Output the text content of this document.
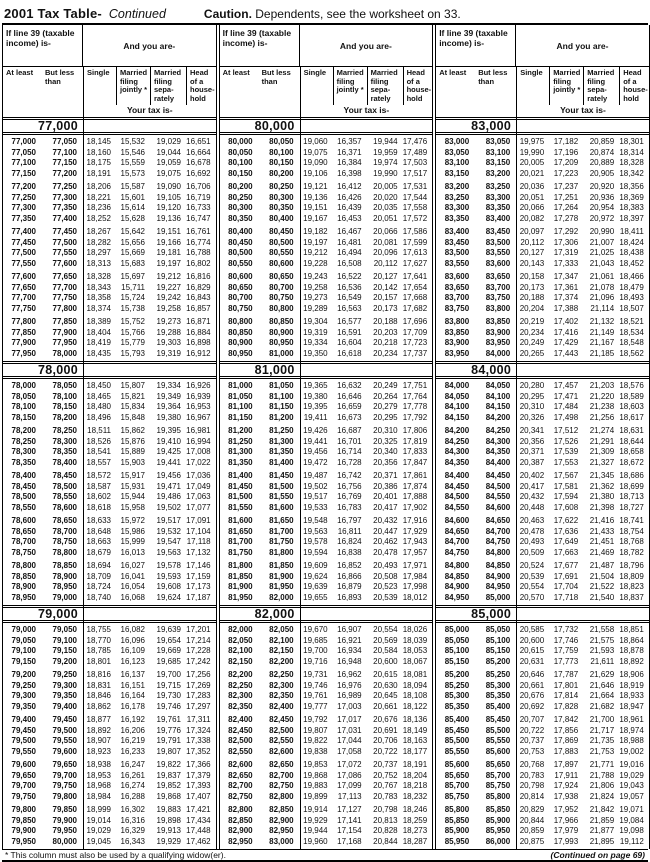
2001 Tax Table- Continued	Caution. Dependents, see the worksheet on 33.
If line 39 (taxable income) is-	And you are-
At least	But less than
Single	Married filing jointly *
Married filing sepa- rately
Head of a house- hold
Your tax is-
77,000
77,000	77,050	18,145	15,532	19,029 16,651
77,050	77,100	18,160	15,546	19,044 16,664
77,100	77,150	18,175	15,559	19,059 16,678
77,150	77,200	18,191	15,573	19,075 16,692
77,200	77,250	18,206	15,587	19,090 16,706
77,250	77,300	18,221	15,601	19,105 16,719
77,300	77,350	18,236	15,614	19,120 16,733
77,350	77,400	18,252	15,628	19,136 16,747
77,400	77,450	18,267	15,642	19,151 16,761
77,450	77,500	18,282	15,656	19,166 16,774
77,500	77,550	18,297	15,669	19,181 16,788
77,550	77,600	18,313	15,683	19,197 16,802
77,600	77,650	18,328	15,697	19,212 16,816
77,650	77,700	18,343	15,711	19,227 16,829
77,700	77,750	18,358	15,724	19,242 16,843
77,750	77,800	18,374	15,738	19,258 16,857
77,800	77,850	18,389	15,752	19,273 16,871
77,850	77,900	18,404	15,766	19,288 16,884
77,900	77,950	18,419	15,779	19,303 16,898
77,950	78,000	18,435	15,793	19,319 16,912
78,000
78,000	78,050	18,450	15,807	19,334 16,926
78,050	78,100	18,465	15,821	19,349 16,939
78,100	78,150	18,480	15,834	19,364 16,953
78,150	78,200	18,496	15,848	19,380 16,967
78,200	78,250	18,511	15,862	19,395 16,981
78,250	78,300	18,526	15,876	19,410 16,994
78,300	78,350	18,541	15,889	19,425 17,008
78,350	78,400	18,557	15,903	19,441 17,022
78,400	78,450	18,572	15,917	19,456 17,036
78,450	78,500	18,587	15,931	19,471 17,049
78,500	78,550	18,602	15,944	19,486 17,063
78,550	78,600	18,618	15,958	19,502 17,077
78,600	78,650	18,633	15,972	19,517 17,091
78,650	78,700	18,648	15,986	19,532 17,104
78,700	78,750	18,663	15,999	19,547 17,118
78,750	78,800	18,679	16,013	19,563 17,132
78,800	78,850	18,694	16,027	19,578 17,146
78,850	78,900	18,709	16,041	19,593 17,159
78,900	78,950	18,724	16,054	19,608 17,173
78,950	79,000	18,740	16,068	19,624 17,187
79,000
79,000	79,050	18,755	16,082	19,639 17,201
79,050	79,100	18,770	16,096	19,654 17,214
79,100	79,150	18,785	16,109	19,669 17,228
79,150	79,200	18,801	16,123	19,685 17,242
79,200	79,250	18,816	16,137	19,700 17,256
79,250	79,300	18,831	16,151	19,715 17,269
79,300	79,350	18,846	16,164	19,730 17,283
79,350	79,400	18,862	16,178	19,746 17,297
79,400	79,450	18,877	16,192	19,761 17,311
79,450	79,500	18,892	16,206	19,776 17,324
79,500	79,550	18,907	16,219	19,791 17,338
79,550	79,600	18,923	16,233	19,807 17,352
79,600	79,650	18,938	16,247	19,822 17,366
79,650	79,700	18,953	16,261	19,837 17,379
79,700	79,750	18,968	16,274	19,852 17,393
79,750	79,800	18,984	16,288	19,868 17,407
79,800	79,850	18,999	16,302	19,883 17,421
79,850	79,900	19,014	16,316	19,898 17,434
79,900	79,950	19,029	16,329	19,913 17,448
79,950	80,000	19,045	16,343	19,929 17,462
If line 39 (taxable income) is-	And you are-
At least	But less than
Single	Married filing jointly *
Married filing sepa- rately
Head of a house- hold
Your tax is-
80,000
80,000	80,050	19,060	16,357	19,944 17,476
80,050	80,100	19,075	16,371	19,959 17,489
80,100	80,150	19,090	16,384	19,974 17,503
80,150	80,200	19,106	16,398	19,990 17,517
80,200	80,250	19,121	16,412	20,005 17,531
80,250	80,300	19,136	16,426	20,020 17,544
80,300	80,350	19,151	16,439	20,035 17,558
80,350	80,400	19,167	16,453	20,051 17,572
80,400	80,450	19,182	16,467	20,066 17,586
80,450	80,500	19,197	16,481	20,081 17,599
80,500	80,550	19,212	16,494	20,096 17,613
80,550	80,600	19,228	16,508	20,112 17,627
80,600	80,650	19,243	16,522	20,127 17,641
80,650	80,700	19,258	16,536	20,142 17,654
80,700	80,750	19,273	16,549	20,157 17,668
80,750	80,800	19,289	16,563	20,173 17,682
80,800	80,850	19,304	16,577	20,188 17,696
80,850	80,900	19,319	16,591	20,203 17,709
80,900	80,950	19,334	16,604	20,218 17,723
80,950	81,000	19,350	16,618	20,234 17,737
81,000
81,000	81,050	19,365	16,632	20,249 17,751
81,050	81,100	19,380	16,646	20,264 17,764
81,100	81,150	19,395	16,659	20,279 17,778
81,150	81,200	19,411	16,673	20,295 17,792
81,200	81,250	19,426	16,687	20,310 17,806
81,250	81,300	19,441	16,701	20,325 17,819
81,300	81,350	19,456	16,714	20,340 17,833
81,350	81,400	19,472	16,728	20,356 17,847
81,400	81,450	19,487	16,742	20,371 17,861
81,450	81,500	19,502	16,756	20,386 17,874
81,500	81,550	19,517	16,769	20,401 17,888
81,550	81,600	19,533	16,783	20,417 17,902
81,600	81,650	19,548	16,797	20,432 17,916
81,650	81,700	19,563	16,811	20,447 17,929
81,700	81,750	19,578	16,824	20,462 17,943
81,750	81,800	19,594	16,838	20,478 17,957
81,800	81,850	19,609	16,852	20,493 17,971
81,850	81,900	19,624	16,866	20,508 17,984
81,900	81,950	19,639	16,879	20,523 17,998
81,950	82,000	19,655	16,893	20,539 18,012
82,000
82,000	82,050	19,670	16,907	20,554 18,026
82,050	82,100	19,685	16,921	20,569 18,039
82,100	82,150	19,700	16,934	20,584 18,053
82,150	82,200	19,716	16,948	20,600 18,067
82,200	82,250	19,731	16,962	20,615 18,081
82,250	82,300	19,746	16,976	20,630 18,094
82,300	82,350	19,761	16,989	20,645 18,108
82,350	82,400	19,777	17,003	20,661 18,122
82,400	82,450	19,792	17,017	20,676 18,136
82,450	82,500	19,807	17,031	20,691 18,149
82,500	82,550	19,822	17,044	20,706 18,163
82,550	82,600	19,838	17,058	20,722 18,177
82,600	82,650	19,853	17,072	20,737 18,191
82,650	82,700	19,868	17,086	20,752 18,204
82,700	82,750	19,883	17,099	20,767 18,218
82,750	82,800	19,899	17,113	20,783 18,232
82,800	82,850	19,914	17,127	20,798 18,246
82,850	82,900	19,929	17,141	20,813 18,259
82,900	82,950	19,944	17,154	20,828 18,273
82,950	83,000	19,960	17,168	20,844 18,287
If line 39 (taxable income) is-	And you are-
At least	But less than
Single	Married filing jointly *
Married filing sepa- rately
Head of a house- hold
Your tax is-
83,000
83,000	83,050	19,975	17,182	20,859 18,301
83,050	83,100	19,990	17,196	20,874 18,314
83,100	83,150	20,005	17,209	20,889 18,328
83,150	83,200	20,021	17,223	20,905 18,342
83,200	83,250	20,036	17,237	20,920 18,356
83,250	83,300	20,051	17,251	20,936 18,369
83,300	83,350	20,066	17,264	20,954 18,383
83,350	83,400	20,082	17,278	20,972 18,397
83,400	83,450	20,097	17,292	20,990 18,411
83,450	83,500	20,112	17,306	21,007 18,424
83,500	83,550	20,127	17,319	21,025 18,438
83,550	83,600	20,143	17,333	21,043 18,452
83,600	83,650	20,158	17,347	21,061 18,466
83,650	83,700	20,173	17,361	21,078 18,479
83,700	83,750	20,188	17,374	21,096 18,493
83,750	83,800	20,204	17,388	21,114 18,507
83,800	83,850	20,219	17,402	21,132 18,521
83,850	83,900	20,234	17,416	21,149 18,534
83,900	83,950	20,249	17,429	21,167 18,548
83,950	84,000	20,265	17,443	21,185 18,562
84,000
84,000	84,050	20,280	17,457	21,203 18,576
84,050	84,100	20,295	17,471	21,220 18,589
84,100	84,150	20,310	17,484	21,238 18,603
84,150	84,200	20,326	17,498	21,256 18,617
84,200	84,250	20,341	17,512	21,274 18,631
84,250	84,300	20,356	17,526	21,291 18,644
84,300	84,350	20,371	17,539	21,309 18,658
84,350	84,400	20,387	17,553	21,327 18,672
84,400	84,450	20,402	17,567	21,345 18,686
84,450	84,500	20,417	17,581	21,362 18,699
84,500	84,550	20,432	17,594	21,380 18,713
84,550	84,600	20,448	17,608	21,398 18,727
84,600	84,650	20,463	17,622	21,416 18,741
84,650	84,700	20,478	17,636	21,433 18,754
84,700	84,750	20,493	17,649	21,451 18,768
84,750	84,800	20,509	17,663	21,469 18,782
84,800	84,850	20,524	17,677	21,487 18,796
84,850	84,900	20,539	17,691	21,504 18,809
84,900	84,950	20,554	17,704	21,522 18,823
84,950	85,000	20,570	17,718	21,540 18,837
85,000
85,000	85,050	20,585	17,732	21,558 18,851
85,050	85,100	20,600	17,746	21,575 18,864
85,100	85,150	20,615	17,759	21,593 18,878
85,150	85,200	20,631	17,773	21,611 18,892
85,200	85,250	20,646	17,787	21,629 18,906
85,250	85,300	20,661	17,801	21,646 18,919
85,300	85,350	20,676	17,814	21,664 18,933
85,350	85,400	20,692	17,828	21,682 18,947
85,400	85,450	20,707	17,842	21,700 18,961
85,450	85,500	20,722	17,856	21,717 18,974
85,500	85,550	20,737	17,869	21,735 18,988
85,550	85,600	20,753	17,883	21,753 19,002
85,600	85,650	20,768	17,897	21,771 19,016
85,650	85,700	20,783	17,911	21,788 19,029
85,700	85,750	20,798	17,924	21,806 19,043
85,750	85,800	20,814	17,938	21,824 19,057
85,800	85,850	20,829	17,952	21,842 19,071
85,850	85,900	20,844	17,966	21,859 19,084
85,900	85,950	20,859	17,979	21,877 19,098
85,950	86,000	20,875	17,993	21,895 19,112
* This column must also be used by a qualifying widow(er).	(Continued on page 69)
